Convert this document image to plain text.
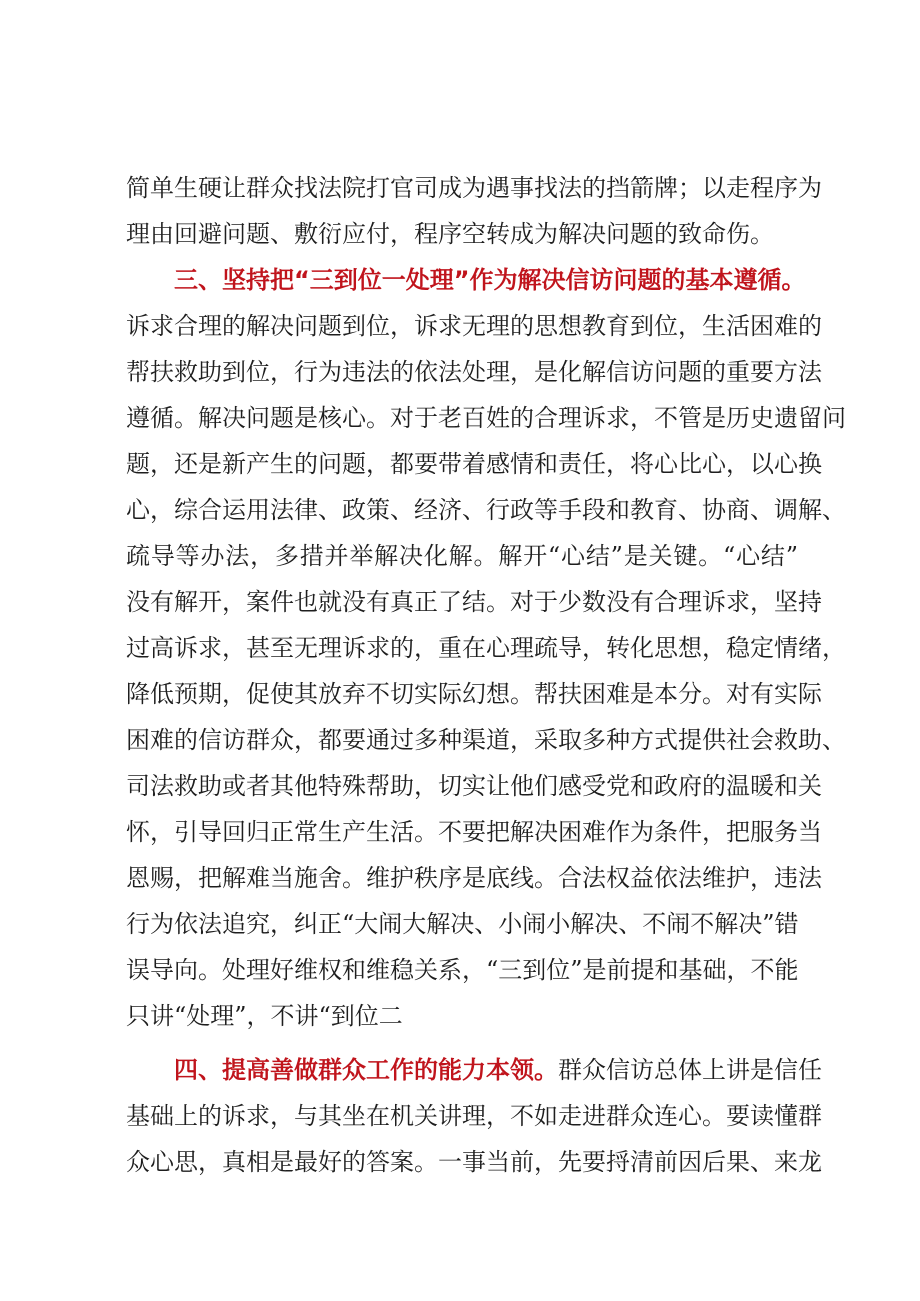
简单生硬让群众找法院打官司成为遇事找法的挡箭牌；以走程序为
理由回避问题、敷衍应付，程序空转成为解决问题的致命伤。
三、坚持把“三到位一处理”作为解决信访问题的基本遵循。
诉求合理的解决问题到位，诉求无理的思想教育到位，生活困难的
帮扶救助到位，行为违法的依法处理，是化解信访问题的重要方法
遵循。解决问题是核心。对于老百姓的合理诉求，不管是历史遗留问
题，还是新产生的问题，都要带着感情和责任，将心比心，以心换
心，综合运用法律、政策、经济、行政等手段和教育、协商、调解、
疏导等办法，多措并举解决化解。解开“心结”是关键。“心结”
没有解开，案件也就没有真正了结。对于少数没有合理诉求，坚持
过高诉求，甚至无理诉求的，重在心理疏导，转化思想，稳定情绪，
降低预期，促使其放弃不切实际幻想。帮扶困难是本分。对有实际
困难的信访群众，都要通过多种渠道，采取多种方式提供社会救助、
司法救助或者其他特殊帮助，切实让他们感受党和政府的温暖和关
怀，引导回归正常生产生活。不要把解决困难作为条件，把服务当
恩赐，把解难当施舍。维护秩序是底线。合法权益依法维护，违法
行为依法追究，纠正“大闹大解决、小闹小解决、不闹不解决”错
误导向。处理好维权和维稳关系，“三到位”是前提和基础，不能
只讲“处理”，不讲“到位二
四、提高善做群众工作的能力本领。群众信访总体上讲是信任
基础上的诉求，与其坐在机关讲理，不如走进群众连心。要读懂群
众心思，真相是最好的答案。一事当前，先要捋清前因后果、来龙
